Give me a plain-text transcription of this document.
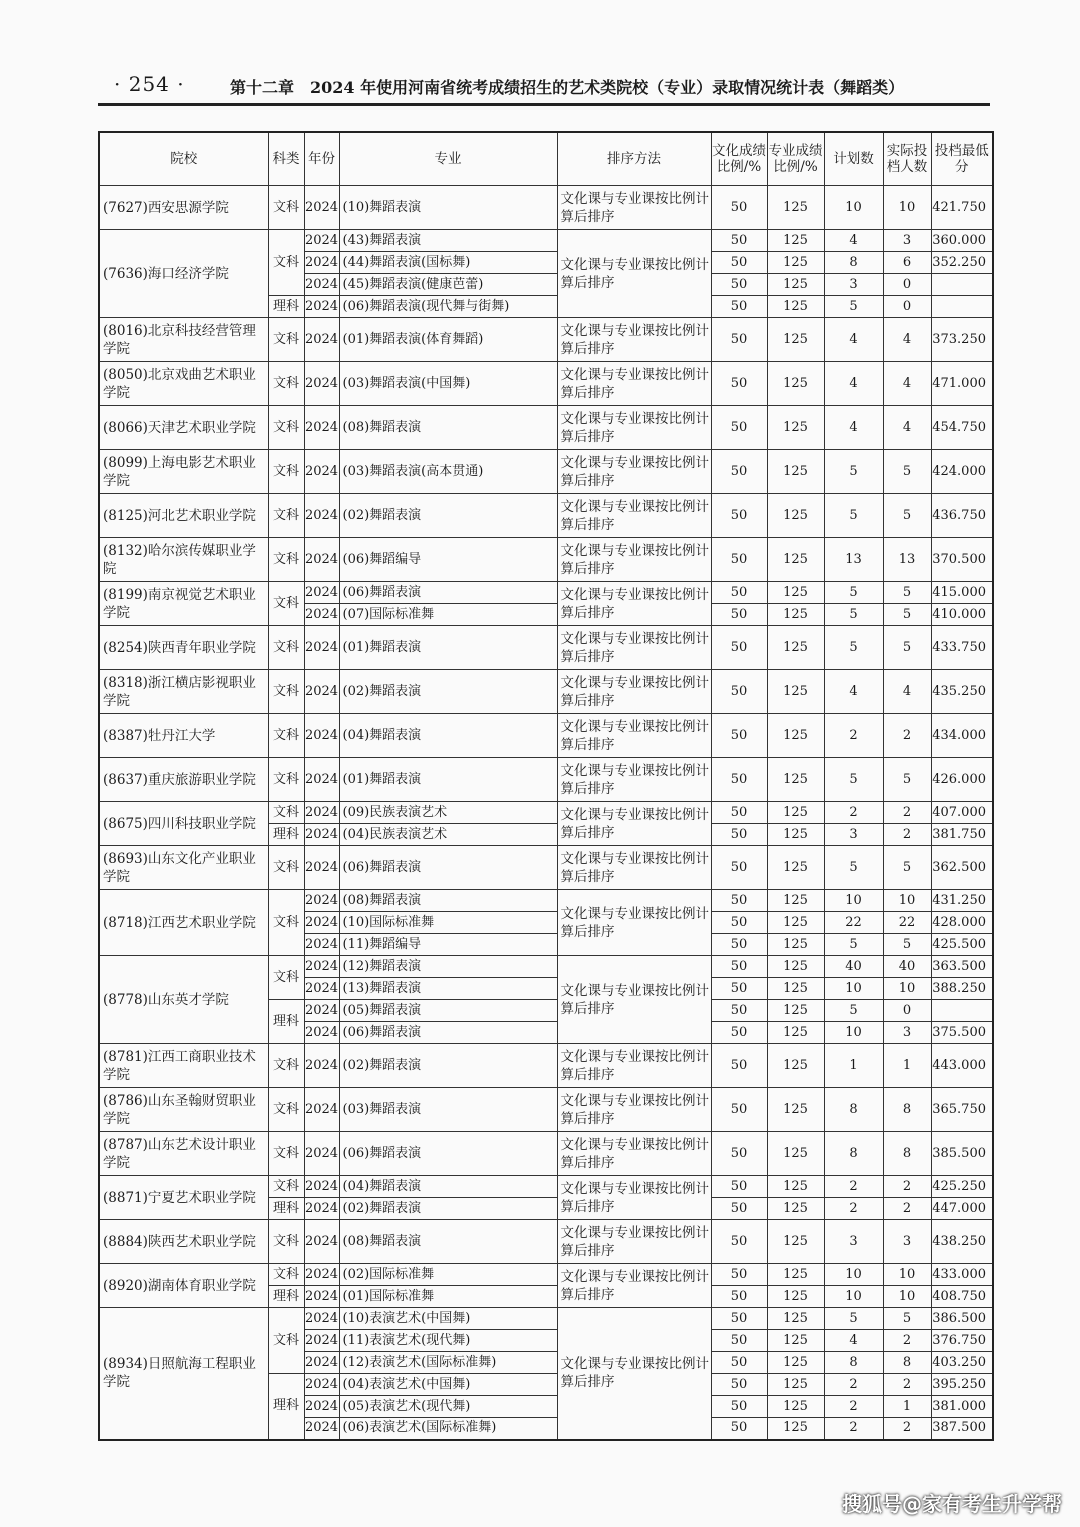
· 254 ·	第十二章　2024 年使用河南省统考成绩招生的艺术类院校（专业）录取情况统计表（舞蹈类）
院校	科类	年份	专业	排序方法	文化成绩比例/%	专业成绩比例/%	计划数	实际投档人数	投档最低分
(7627)西安思源学院	文科	2024	(10)舞蹈表演	文化课与专业课按比例计算后排序	50	125	10	10	421.750
(7636)海口经济学院	文科	2024	(43)舞蹈表演	文化课与专业课按比例计算后排序	50	125	4	3	360.000
		2024	(44)舞蹈表演(国标舞)		50	125	8	6	352.250
		2024	(45)舞蹈表演(健康芭蕾)		50	125	3	0	
	理科	2024	(06)舞蹈表演(现代舞与街舞)		50	125	5	0	
(8016)北京科技经营管理学院	文科	2024	(01)舞蹈表演(体育舞蹈)	文化课与专业课按比例计算后排序	50	125	4	4	373.250
(8050)北京戏曲艺术职业学院	文科	2024	(03)舞蹈表演(中国舞)	文化课与专业课按比例计算后排序	50	125	4	4	471.000
(8066)天津艺术职业学院	文科	2024	(08)舞蹈表演	文化课与专业课按比例计算后排序	50	125	4	4	454.750
(8099)上海电影艺术职业学院	文科	2024	(03)舞蹈表演(高本贯通)	文化课与专业课按比例计算后排序	50	125	5	5	424.000
(8125)河北艺术职业学院	文科	2024	(02)舞蹈表演	文化课与专业课按比例计算后排序	50	125	5	5	436.750
(8132)哈尔滨传媒职业学院	文科	2024	(06)舞蹈编导	文化课与专业课按比例计算后排序	50	125	13	13	370.500
(8199)南京视觉艺术职业学院	文科	2024	(06)舞蹈表演	文化课与专业课按比例计算后排序	50	125	5	5	415.000
		2024	(07)国际标准舞		50	125	5	5	410.000
(8254)陕西青年职业学院	文科	2024	(01)舞蹈表演	文化课与专业课按比例计算后排序	50	125	5	5	433.750
(8318)浙江横店影视职业学院	文科	2024	(02)舞蹈表演	文化课与专业课按比例计算后排序	50	125	4	4	435.250
(8387)牡丹江大学	文科	2024	(04)舞蹈表演	文化课与专业课按比例计算后排序	50	125	2	2	434.000
(8637)重庆旅游职业学院	文科	2024	(01)舞蹈表演	文化课与专业课按比例计算后排序	50	125	5	5	426.000
(8675)四川科技职业学院	文科	2024	(09)民族表演艺术	文化课与专业课按比例计算后排序	50	125	2	2	407.000
	理科	2024	(04)民族表演艺术		50	125	3	2	381.750
(8693)山东文化产业职业学院	文科	2024	(06)舞蹈表演	文化课与专业课按比例计算后排序	50	125	5	5	362.500
(8718)江西艺术职业学院	文科	2024	(08)舞蹈表演	文化课与专业课按比例计算后排序	50	125	10	10	431.250
		2024	(10)国际标准舞		50	125	22	22	428.000
		2024	(11)舞蹈编导		50	125	5	5	425.500
(8778)山东英才学院	文科	2024	(12)舞蹈表演	文化课与专业课按比例计算后排序	50	125	40	40	363.500
		2024	(13)舞蹈表演		50	125	10	10	388.250
	理科	2024	(05)舞蹈表演		50	125	5	0	
		2024	(06)舞蹈表演		50	125	10	3	375.500
(8781)江西工商职业技术学院	文科	2024	(02)舞蹈表演	文化课与专业课按比例计算后排序	50	125	1	1	443.000
(8786)山东圣翰财贸职业学院	文科	2024	(03)舞蹈表演	文化课与专业课按比例计算后排序	50	125	8	8	365.750
(8787)山东艺术设计职业学院	文科	2024	(06)舞蹈表演	文化课与专业课按比例计算后排序	50	125	8	8	385.500
(8871)宁夏艺术职业学院	文科	2024	(04)舞蹈表演	文化课与专业课按比例计算后排序	50	125	2	2	425.250
	理科	2024	(02)舞蹈表演		50	125	2	2	447.000
(8884)陕西艺术职业学院	文科	2024	(08)舞蹈表演	文化课与专业课按比例计算后排序	50	125	3	3	438.250
(8920)湖南体育职业学院	文科	2024	(02)国际标准舞	文化课与专业课按比例计算后排序	50	125	10	10	433.000
	理科	2024	(01)国际标准舞		50	125	10	10	408.750
(8934)日照航海工程职业学院	文科	2024	(10)表演艺术(中国舞)	文化课与专业课按比例计算后排序	50	125	5	5	386.500
		2024	(11)表演艺术(现代舞)		50	125	4	2	376.750
		2024	(12)表演艺术(国际标准舞)		50	125	8	8	403.250
	理科	2024	(04)表演艺术(中国舞)		50	125	2	2	395.250
		2024	(05)表演艺术(现代舞)		50	125	2	1	381.000
		2024	(06)表演艺术(国际标准舞)		50	125	2	2	387.500
搜狐号@家有考生升学帮
